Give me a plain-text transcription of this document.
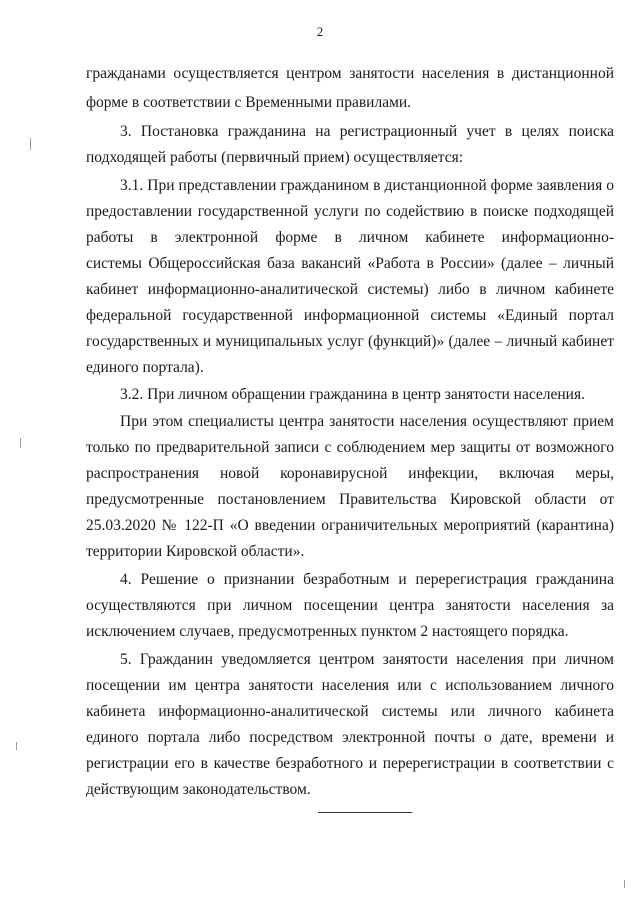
2
гражданами осуществляется центром занятости населения в дистанционной
форме в соответствии с Временными правилами.
3. Постановка гражданина на регистрационный учет в целях поиска
подходящей работы (первичный прием) осуществляется:
3.1. При представлении гражданином в дистанционной форме заявления о
предоставлении государственной услуги по содействию в поиске подходящей
работы в электронной форме в личном кабинете информационно-
системы Общероссийская база вакансий «Работа в России» (далее – личный
кабинет информационно-аналитической системы) либо в личном кабинете
федеральной государственной информационной системы «Единый портал
государственных и муниципальных услуг (функций)» (далее – личный кабинет
единого портала).
3.2. При личном обращении гражданина в центр занятости населения.
При этом специалисты центра занятости населения осуществляют прием
только по предварительной записи с соблюдением мер защиты от возможного
распространения новой коронавирусной инфекции, включая меры,
предусмотренные постановлением Правительства Кировской области от
25.03.2020 № 122-П «О введении ограничительных мероприятий (карантина)
территории Кировской области».
4. Решение о признании безработным и перерегистрация гражданина
осуществляются при личном посещении центра занятости населения за
исключением случаев, предусмотренных пунктом 2 настоящего порядка.
5. Гражданин уведомляется центром занятости населения при личном
посещении им центра занятости населения или с использованием личного
кабинета информационно-аналитической системы или личного кабинета
единого портала либо посредством электронной почты о дате, времени и
регистрации его в качестве безработного и перерегистрации в соответствии с
действующим законодательством.
